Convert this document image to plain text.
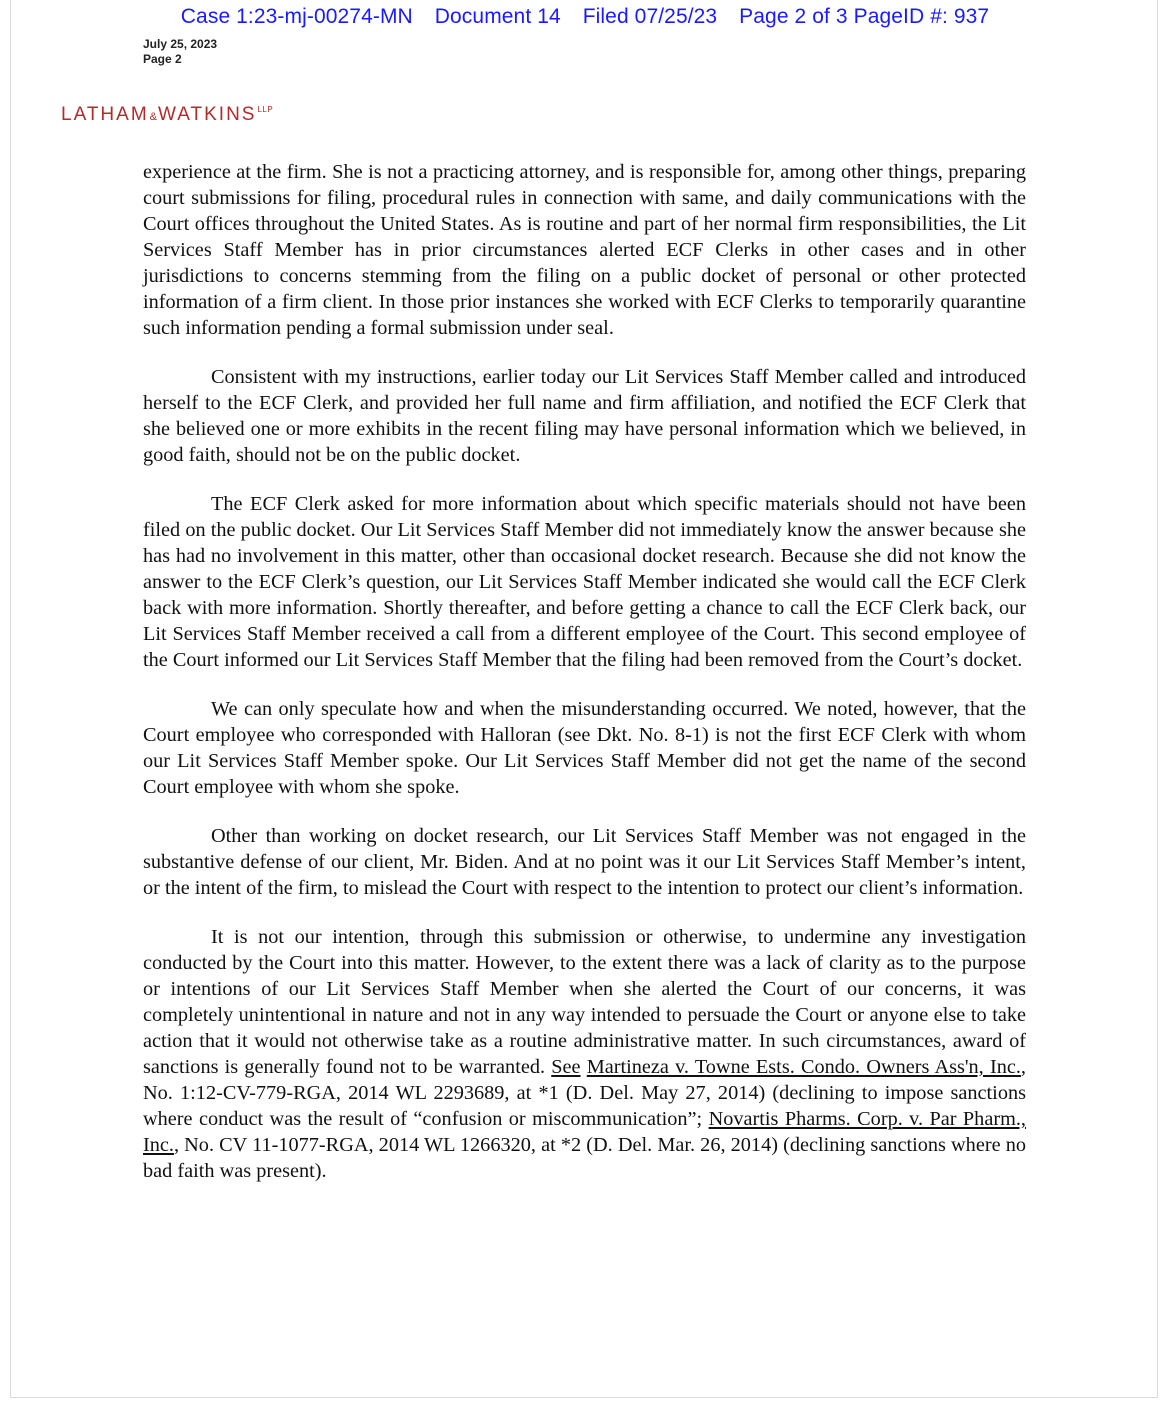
Case 1:23-mj-00274-MN Document 14 Filed 07/25/23 Page 2 of 3 PageID #: 937
July 25, 2023
Page 2
$LATHAM\&WATKINS^{LLP}$

experience at the firm. She is not a practicing attorney, and is responsible for, among other things, preparing court submissions for filing, procedural rules in connection with same, and daily communications with the Court offices throughout the United States. As is routine and part of her normal firm responsibilities, the Lit Services Staff Member has in prior circumstances alerted ECF Clerks in other cases and in other jurisdictions to concerns stemming from the filing on a public docket of personal or other protected information of a firm client. In those prior instances she worked with ECF Clerks to temporarily quarantine such information pending a formal submission under seal.

Consistent with my instructions, earlier today our Lit Services Staff Member called and introduced herself to the ECF Clerk, and provided her full name and firm affiliation, and notified the ECF Clerk that she believed one or more exhibits in the recent filing may have personal information which we believed, in good faith, should not be on the public docket.

The ECF Clerk asked for more information about which specific materials should not have been filed on the public docket. Our Lit Services Staff Member did not immediately know the answer because she has had no involvement in this matter, other than occasional docket research. Because she did not know the answer to the ECF Clerk’s question, our Lit Services Staff Member indicated she would call the ECF Clerk back with more information. Shortly thereafter, and before getting a chance to call the ECF Clerk back, our Lit Services Staff Member received a call from a different employee of the Court. This second employee of the Court informed our Lit Services Staff Member that the filing had been removed from the Court’s docket.

We can only speculate how and when the misunderstanding occurred. We noted, however, that the Court employee who corresponded with Halloran (see Dkt. No. 8-1) is not the first ECF Clerk with whom our Lit Services Staff Member spoke. Our Lit Services Staff Member did not get the name of the second Court employee with whom she spoke.

Other than working on docket research, our Lit Services Staff Member was not engaged in the substantive defense of our client, Mr. Biden. And at no point was it our Lit Services Staff Member’s intent, or the intent of the firm, to mislead the Court with respect to the intention to protect our client’s information.

It is not our intention, through this submission or otherwise, to undermine any investigation conducted by the Court into this matter. However, to the extent there was a lack of clarity as to the purpose or intentions of our Lit Services Staff Member when she alerted the Court of our concerns, it was completely unintentional in nature and not in any way intended to persuade the Court or anyone else to take action that it would not otherwise take as a routine administrative matter. In such circumstances, award of sanctions is generally found not to be warranted. See Martineza v. Towne Ests. Condo. Owners Ass'n, Inc., No. 1:12-CV-779-RGA, 2014 WL 2293689, at *1 (D. Del. May 27, 2014) (declining to impose sanctions where conduct was the result of “confusion or miscommunication”; Novartis Pharms. Corp. v. Par Pharm., Inc., No. CV 11-1077-RGA, 2014 WL 1266320, at *2 (D. Del. Mar. 26, 2014) (declining sanctions where no bad faith was present).
